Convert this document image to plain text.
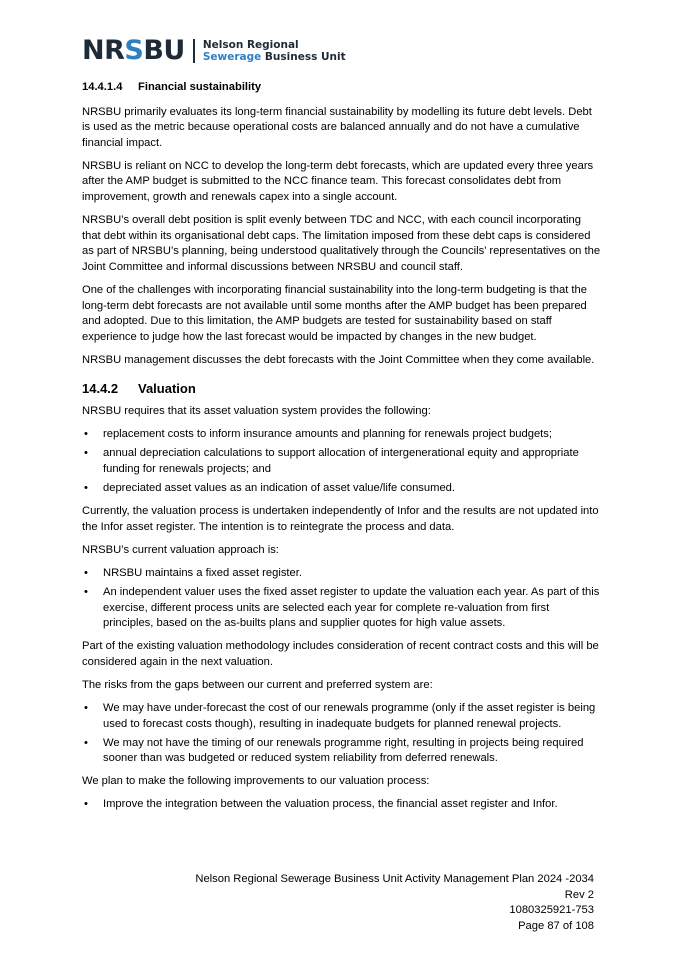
NRSBU Nelson Regional
Sewerage Business Unit
14.4.1.4 Financial sustainability

NRSBU primarily evaluates its long-term financial sustainability by modelling its future debt levels. Debt is used as the metric because operational costs are balanced annually and do not have a cumulative financial impact.

NRSBU is reliant on NCC to develop the long-term debt forecasts, which are updated every three years after the AMP budget is submitted to the NCC finance team. This forecast consolidates debt from improvement, growth and renewals capex into a single account.

NRSBU’s overall debt position is split evenly between TDC and NCC, with each council incorporating that debt within its organisational debt caps. The limitation imposed from these debt caps is considered as part of NRSBU’s planning, being understood qualitatively through the Councils’ representatives on the Joint Committee and informal discussions between NRSBU and council staff.

One of the challenges with incorporating financial sustainability into the long-term budgeting is that the long-term debt forecasts are not available until some months after the AMP budget has been prepared and adopted. Due to this limitation, the AMP budgets are tested for sustainability based on staff experience to judge how the last forecast would be impacted by changes in the new budget.

NRSBU management discusses the debt forecasts with the Joint Committee when they come available.

14.4.2 Valuation

NRSBU requires that its asset valuation system provides the following:

• replacement costs to inform insurance amounts and planning for renewals project budgets;
• annual depreciation calculations to support allocation of intergenerational equity and appropriate funding for renewals projects; and
• depreciated asset values as an indication of asset value/life consumed.

Currently, the valuation process is undertaken independently of Infor and the results are not updated into the Infor asset register. The intention is to reintegrate the process and data.

NRSBU’s current valuation approach is:

• NRSBU maintains a fixed asset register.
• An independent valuer uses the fixed asset register to update the valuation each year. As part of this exercise, different process units are selected each year for complete re-valuation from first principles, based on the as-builts plans and supplier quotes for high value assets.

Part of the existing valuation methodology includes consideration of recent contract costs and this will be considered again in the next valuation.

The risks from the gaps between our current and preferred system are:

• We may have under-forecast the cost of our renewals programme (only if the asset register is being used to forecast costs though), resulting in inadequate budgets for planned renewal projects.
• We may not have the timing of our renewals programme right, resulting in projects being required sooner than was budgeted or reduced system reliability from deferred renewals.

We plan to make the following improvements to our valuation process:

• Improve the integration between the valuation process, the financial asset register and Infor.
Nelson Regional Sewerage Business Unit Activity Management Plan 2024 -2034
Rev 2
1080325921-753
Page 87 of 108
